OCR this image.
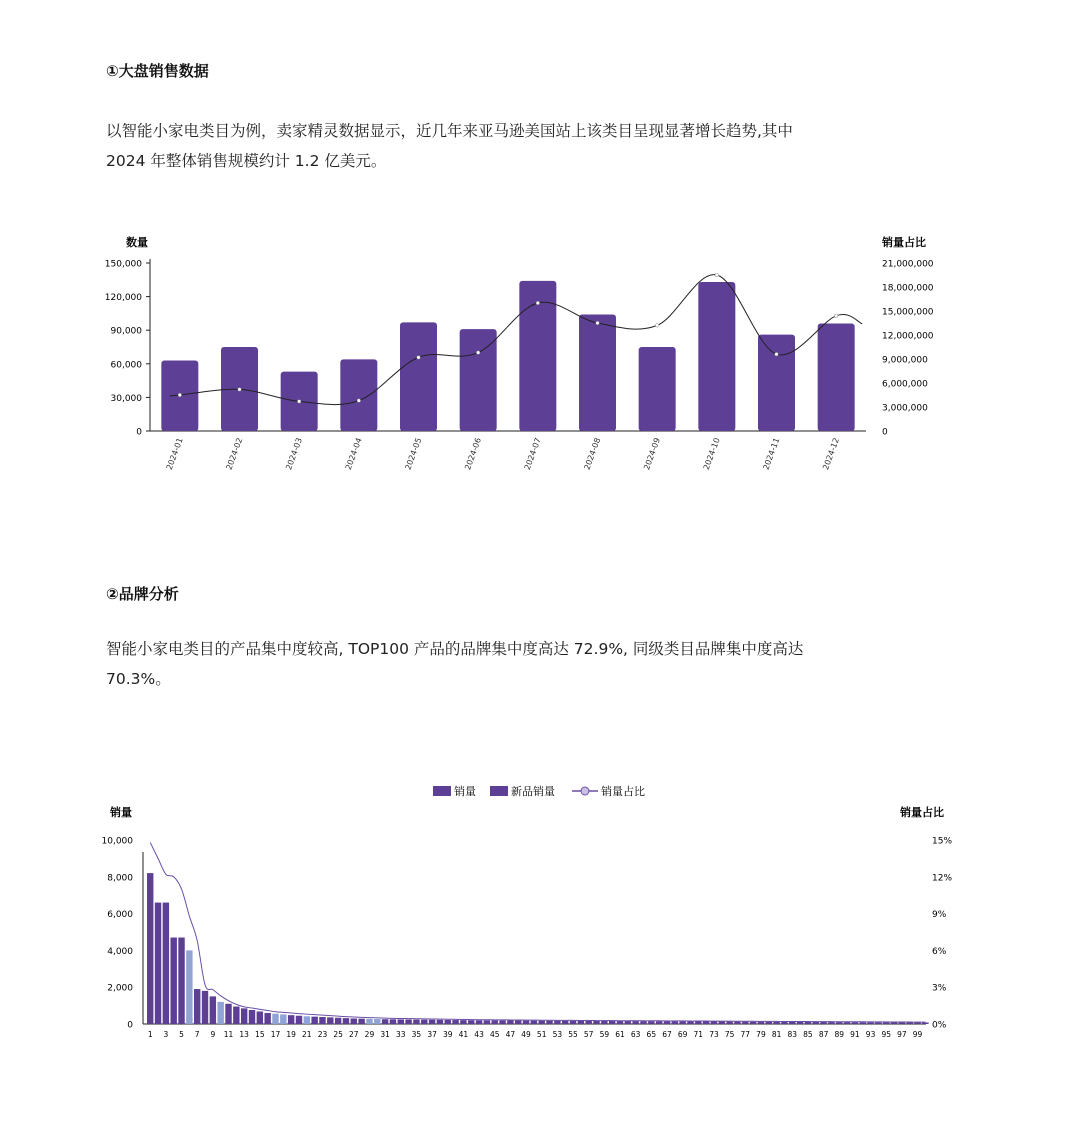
①大盘销售数据
以智能小家电类目为例，卖家精灵数据显示，近几年来亚马逊美国站上该类目呈现显著增长趋势,其中 2024 年整体销售规模约计 1.2 亿美元。
数量	销量占比
0
30,000
60,000
90,000
120,000
150,000
0
3,000,000
6,000,000
9,000,000
12,000,000
15,000,000
18,000,000
21,000,000
2024-01	2024-02	2024-03	2024-04	2024-05	2024-06	2024-07	2024-08	2024-09	2024-10	2024-11	2024-12
②品牌分析
智能小家电类目的产品集中度较高, TOP100 产品的品牌集中度高达 72.9%, 同级类目品牌集中度高达 70.3%。
销量	新品销量	销量占比
销量	销量占比
0
2,000
4,000
6,000
8,000
10,000
0%
3%
6%
9%
12%
15%
1 3 5 7 9 11 13 15 17 19 21 23 25 27 29 31 33 35 37 39 41 43 45 47 49 51 53 55 57 59 61 63 65 67 69 71 73 75 77 79 81 83 85 87 89 91 93 95 97 99
